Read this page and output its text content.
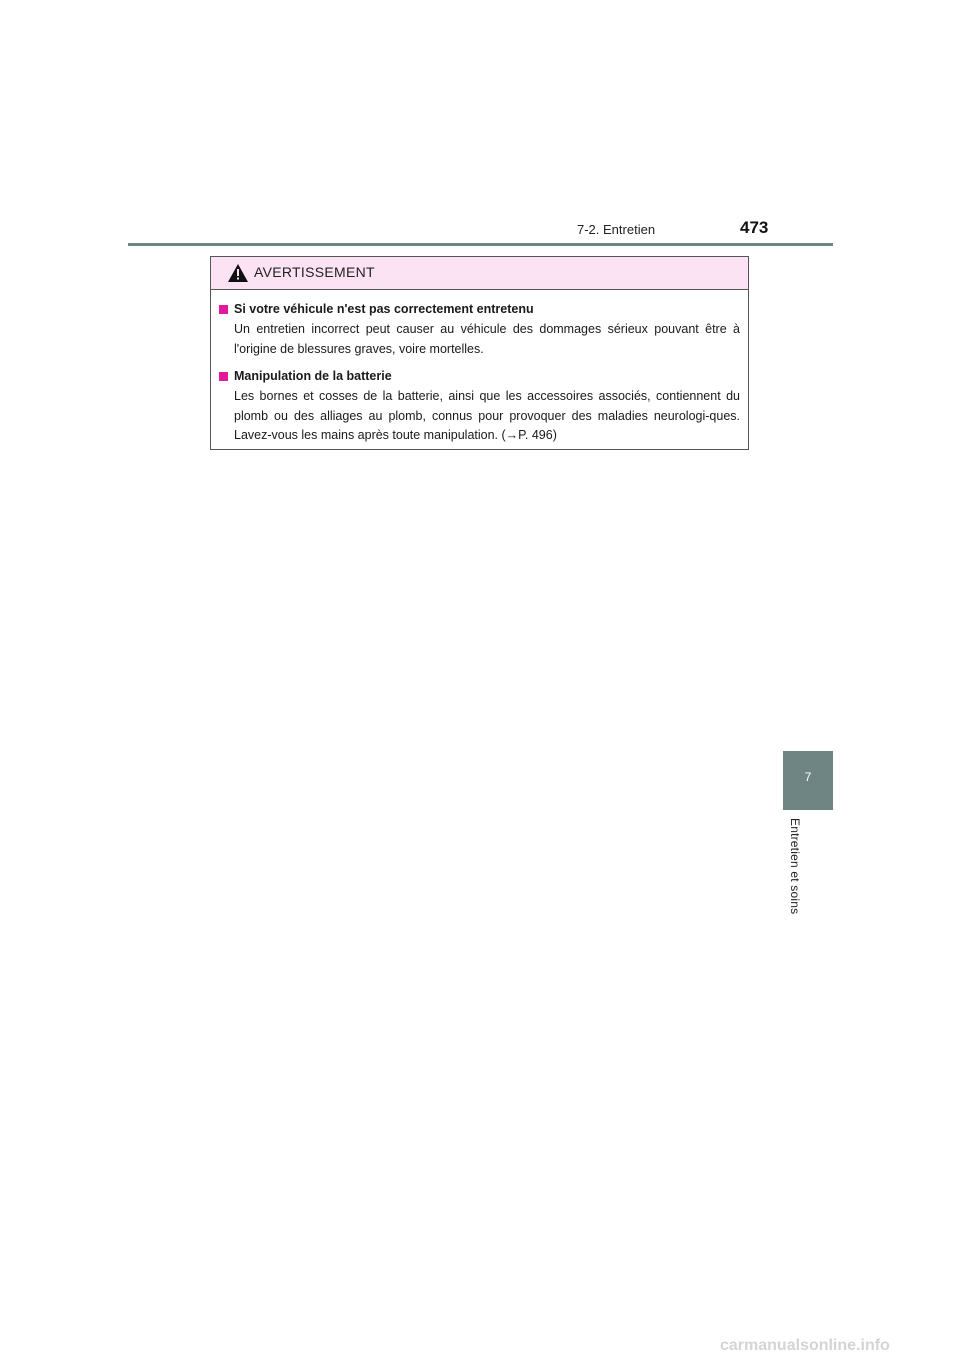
7-2. Entretien	473
AVERTISSEMENT
Si votre véhicule n'est pas correctement entretenu
Un entretien incorrect peut causer au véhicule des dommages sérieux pouvant être à l'origine de blessures graves, voire mortelles.
Manipulation de la batterie
Les bornes et cosses de la batterie, ainsi que les accessoires associés, contiennent du plomb ou des alliages au plomb, connus pour provoquer des maladies neurologi-ques. Lavez-vous les mains après toute manipulation. (→P. 496)
7
Entretien et soins
carmanualsonline.info
